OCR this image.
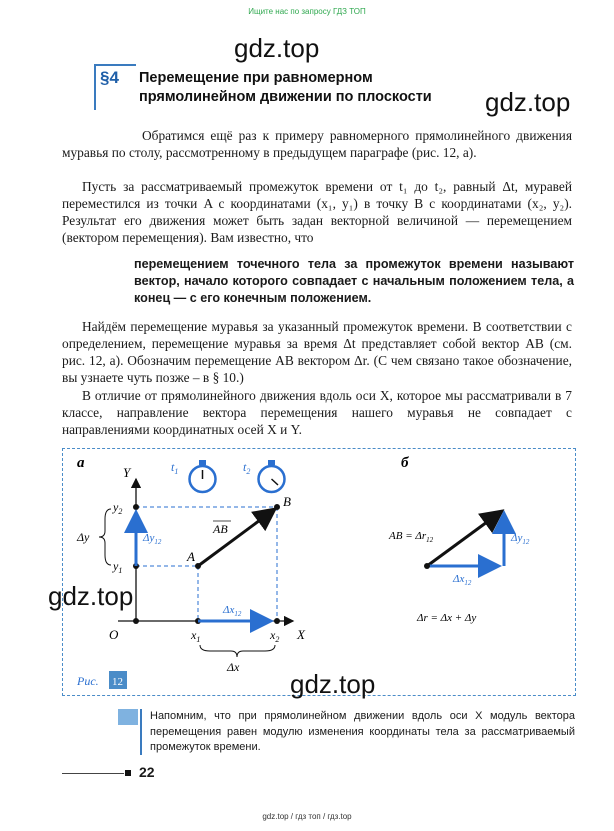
Ищите нас по запросу ГДЗ ТОП
gdz.top
gdz.top
§4 Перемещение при равномерном
прямолинейном движении по плоскости
Обратимся ещё раз к примеру равномерного прямолинейного движения муравья по столу, рассмотренному в предыдущем параграфе (рис. 12, а).
Пусть за рассматриваемый промежуток времени от t₁ до t₂, равный Δt, муравей переместился из точки A с координатами (x₁, y₁) в точку B с координатами (x₂, y₂). Результат его движения может быть задан векторной величиной — перемещением (вектором перемещения). Вам известно, что
перемещением точечного тела за промежуток времени называют вектор, начало которого совпадает с начальным положением тела, а конец — с его конечным положением.
Найдём перемещение муравья за указанный промежуток времени. В соответствии с определением, перемещение муравья за время Δt представляет собой вектор AB (см. рис. 12, а). Обозначим перемещение AB вектором Δr. (С чем связано такое обозначение, вы узнаете чуть позже – в § 10.)
В отличие от прямолинейного движения вдоль оси X, которое мы рассматривали в 7 классе, направление вектора перемещения нашего муравья не совпадает с направлениями координатных осей X и Y.
а	б
Y
X
O
$y_2$
$y_1$
$x_1$	$x_2$
Δy
Δx
$t_1$	$t_2$
A
B
AB
$\Delta y_{12}$
$\Delta x_{12}$
$\Delta y_{12}$
$\Delta x_{12}$
AB = $\Delta r_{12}$
Δr = Δx + Δy
Рис. 12
gdz.top
gdz.top
Напомним, что при прямолинейном движении вдоль оси X модуль вектора перемещения равен модулю изменения координаты тела за рассматриваемый промежуток времени.
22
gdz.top / гдз топ / гдз.top
